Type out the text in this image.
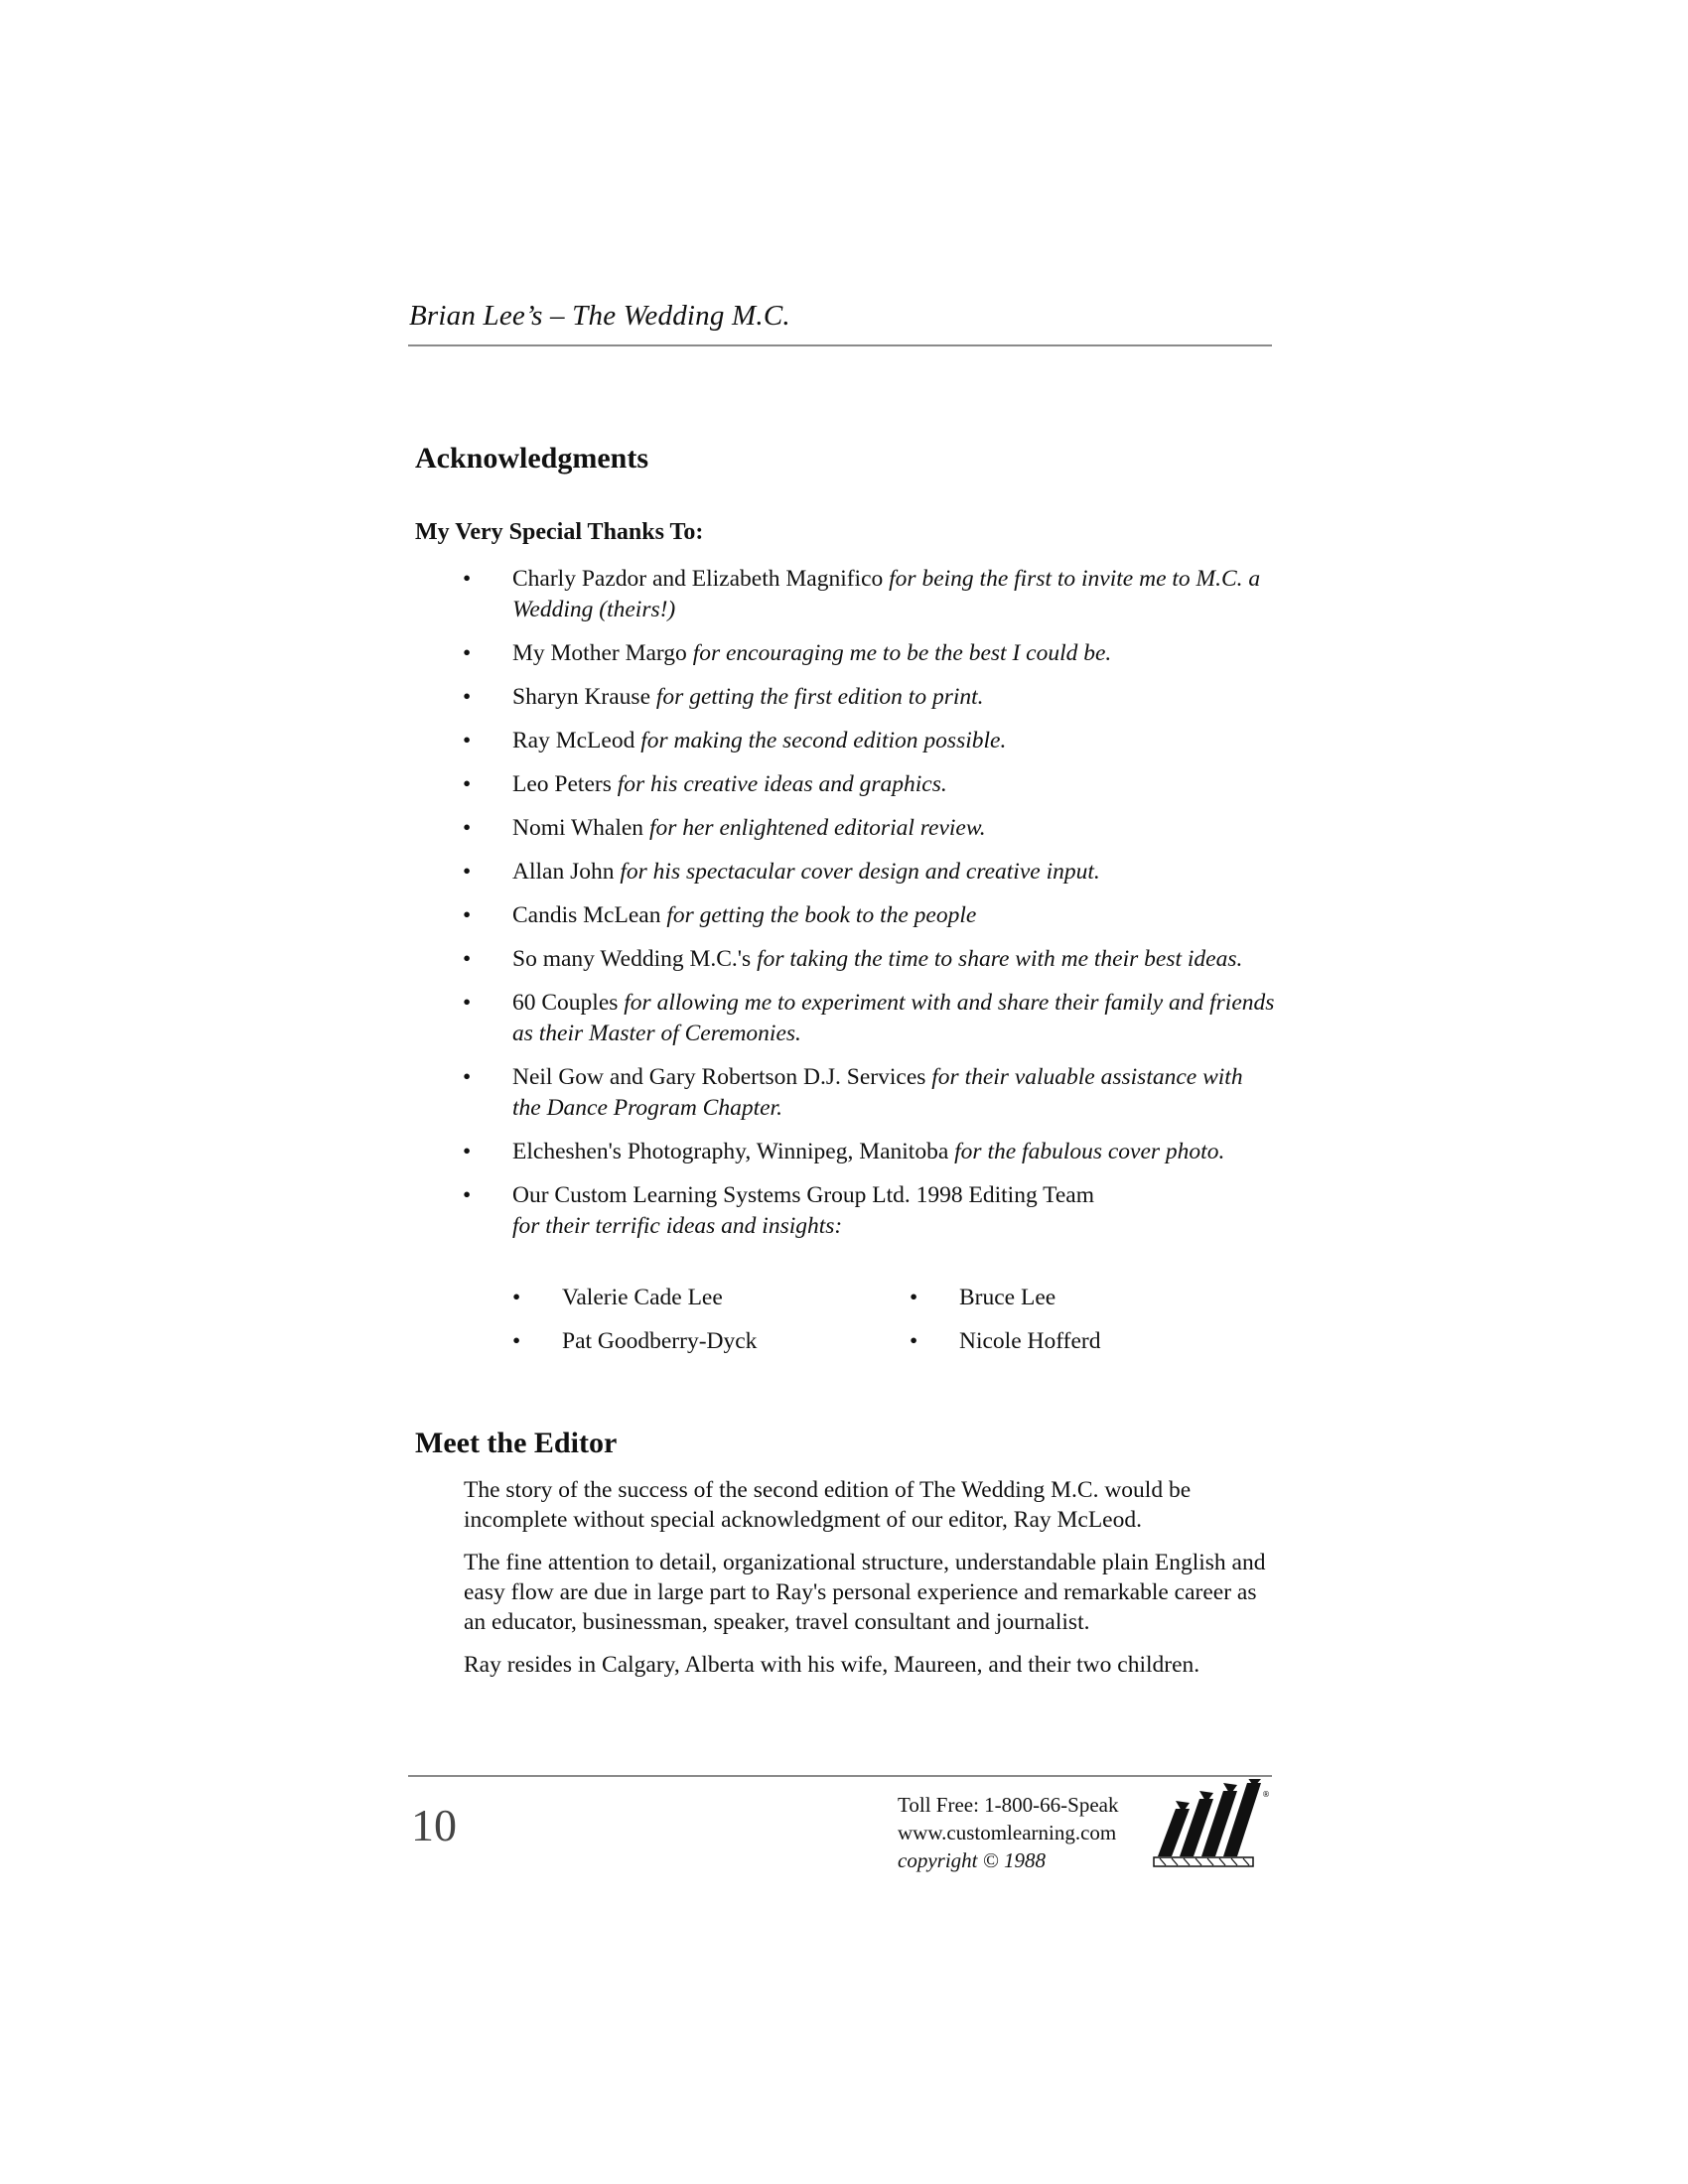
Brian Lee’s – The Wedding M.C.
Acknowledgments
My Very Special Thanks To:
• Charly Pazdor and Elizabeth Magnifico for being the first to invite me to M.C. a Wedding (theirs!)
• My Mother Margo for encouraging me to be the best I could be.
• Sharyn Krause for getting the first edition to print.
• Ray McLeod for making the second edition possible.
• Leo Peters for his creative ideas and graphics.
• Nomi Whalen for her enlightened editorial review.
• Allan John for his spectacular cover design and creative input.
• Candis McLean for getting the book to the people
• So many Wedding M.C.'s for taking the time to share with me their best ideas.
• 60 Couples for allowing me to experiment with and share their family and friends as their Master of Ceremonies.
• Neil Gow and Gary Robertson D.J. Services for their valuable assistance with the Dance Program Chapter.
• Elcheshen's Photography, Winnipeg, Manitoba for the fabulous cover photo.
• Our Custom Learning Systems Group Ltd. 1998 Editing Team
for their terrific ideas and insights:
• Valerie Cade Lee	• Bruce Lee
• Pat Goodberry-Dyck	• Nicole Hofferd
Meet the Editor

The story of the success of the second edition of The Wedding M.C. would be incomplete without special acknowledgment of our editor, Ray McLeod.

The fine attention to detail, organizational structure, understandable plain English and easy flow are due in large part to Ray's personal experience and remarkable career as an educator, businessman, speaker, travel consultant and journalist.

Ray resides in Calgary, Alberta with his wife, Maureen, and their two children.

10	Toll Free: 1-800-66-Speak
www.customlearning.com
copyright © 1988
®
